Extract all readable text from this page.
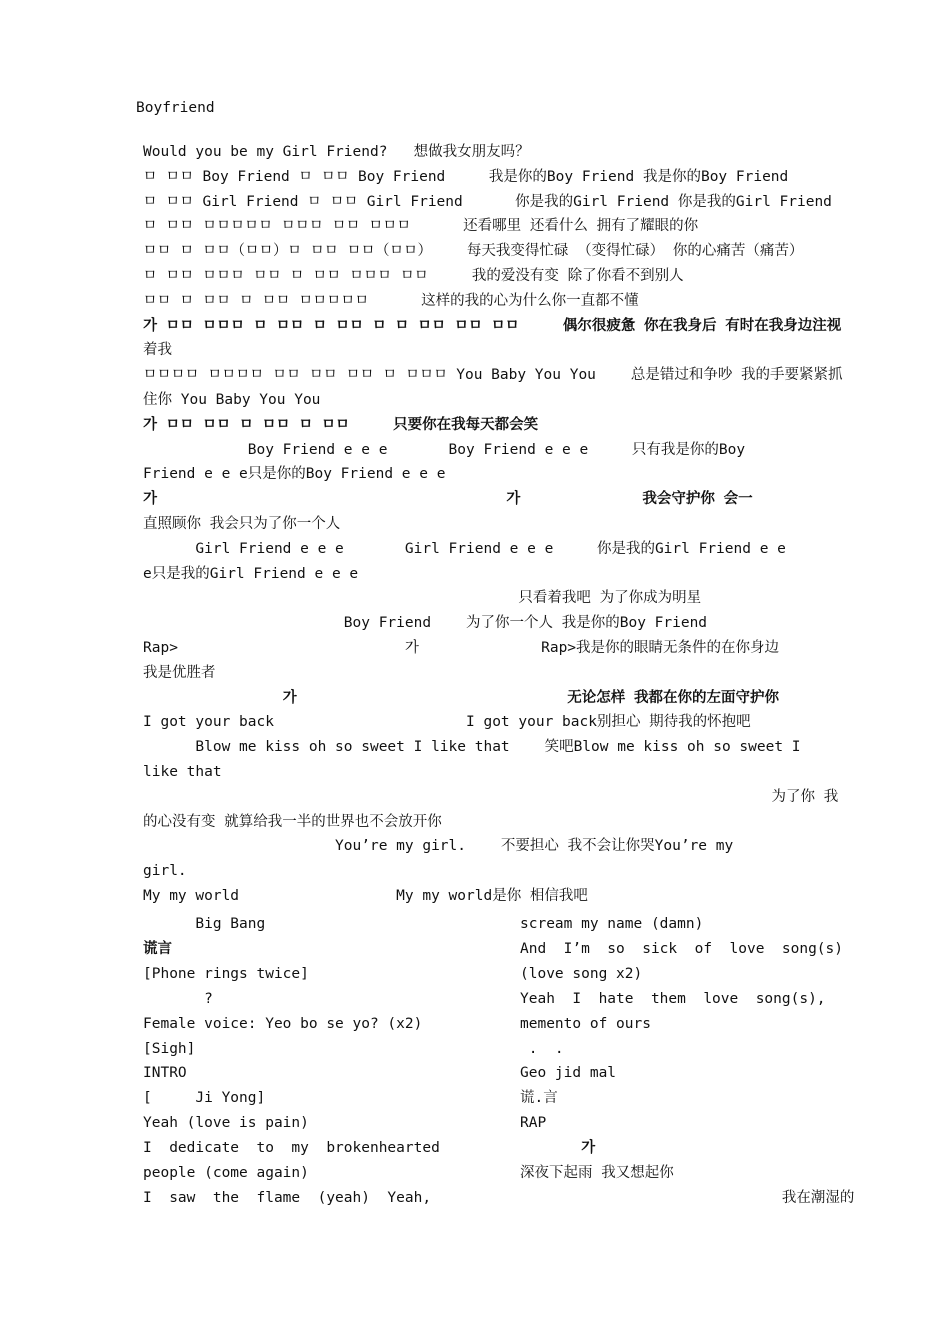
Boyfriend
Would you be my Girl Friend?   想做我女朋友吗？
ㅁ ㅁㅁ Boy Friend ㅁ ㅁㅁ Boy Friend     我是你的Boy Friend 我是你的Boy Friend
ㅁ ㅁㅁ Girl Friend ㅁ ㅁㅁ Girl Friend      你是我的Girl Friend 你是我的Girl Friend
ㅁ ㅁㅁ ㅁㅁㅁㅁㅁ ㅁㅁㅁ ㅁㅁ ㅁㅁㅁ      还看哪里 还看什么 拥有了耀眼的你
ㅁㅁ ㅁ ㅁㅁ（ㅁㅁ）ㅁ ㅁㅁ ㅁㅁ（ㅁㅁ）    每天我变得忙碌 （变得忙碌） 你的心痛苦（痛苦）
ㅁ ㅁㅁ ㅁㅁㅁ ㅁㅁ ㅁ ㅁㅁ ㅁㅁㅁ ㅁㅁ     我的爱没有变 除了你看不到别人
ㅁㅁ ㅁ ㅁㅁ ㅁ ㅁㅁ ㅁㅁㅁㅁㅁ      这样的我的心为什么你一直都不懂
가 ㅁㅁ ㅁㅁㅁ ㅁ ㅁㅁ ㅁ ㅁㅁ ㅁ ㅁ ㅁㅁ ㅁㅁ ㅁㅁ     偶尔很疲惫 你在我身后 有时在我身边注视
着我
ㅁㅁㅁㅁ ㅁㅁㅁㅁ ㅁㅁ ㅁㅁ ㅁㅁ ㅁ ㅁㅁㅁ You Baby You You    总是错过和争吵 我的手要紧紧抓
住你 You Baby You You
가 ㅁㅁ ㅁㅁ ㅁ ㅁㅁ ㅁ ㅁㅁ     只要你在我每天都会笑
Boy Friend e e e       Boy Friend e e e     只有我是你的Boy
Friend e e e只是你的Boy Friend e e e
가                                        가              我会守护你 会一
直照顾你 我会只为了你一个人
Girl Friend e e e       Girl Friend e e e     你是我的Girl Friend e e
e只是我的Girl Friend e e e
只看着我吧 为了你成为明星
Boy Friend    为了你一个人 我是你的Boy Friend
Rap>                          가              Rap>我是你的眼睛无条件的在你身边
我是优胜者
가                               无论怎样 我都在你的左面守护你
I got your back                      I got your back别担心 期待我的怀抱吧
Blow me kiss oh so sweet I like that    笑吧Blow me kiss oh so sweet I
like that
为了你 我
的心没有变 就算给我一半的世界也不会放开你
You’re my girl.    不要担心 我不会让你哭You’re my
girl.
My my world                  My my world是你 相信我吧
Big Bang
谎言
[Phone rings twice]
?
Female voice: Yeo bo se yo? (x2)
[Sigh]
INTRO
[     Ji Yong]
Yeah (love is pain)
I  dedicate  to  my  brokenhearted
people (come again)
I  saw  the  flame  (yeah)  Yeah,
scream my name (damn)
And  I’m  so  sick  of  love  song(s)
(love song x2)
Yeah  I  hate  them  love  song(s),
memento of ours
.  .
Geo jid mal
谎.言
RAP
가
深夜下起雨 我又想起你
我在潮湿的
